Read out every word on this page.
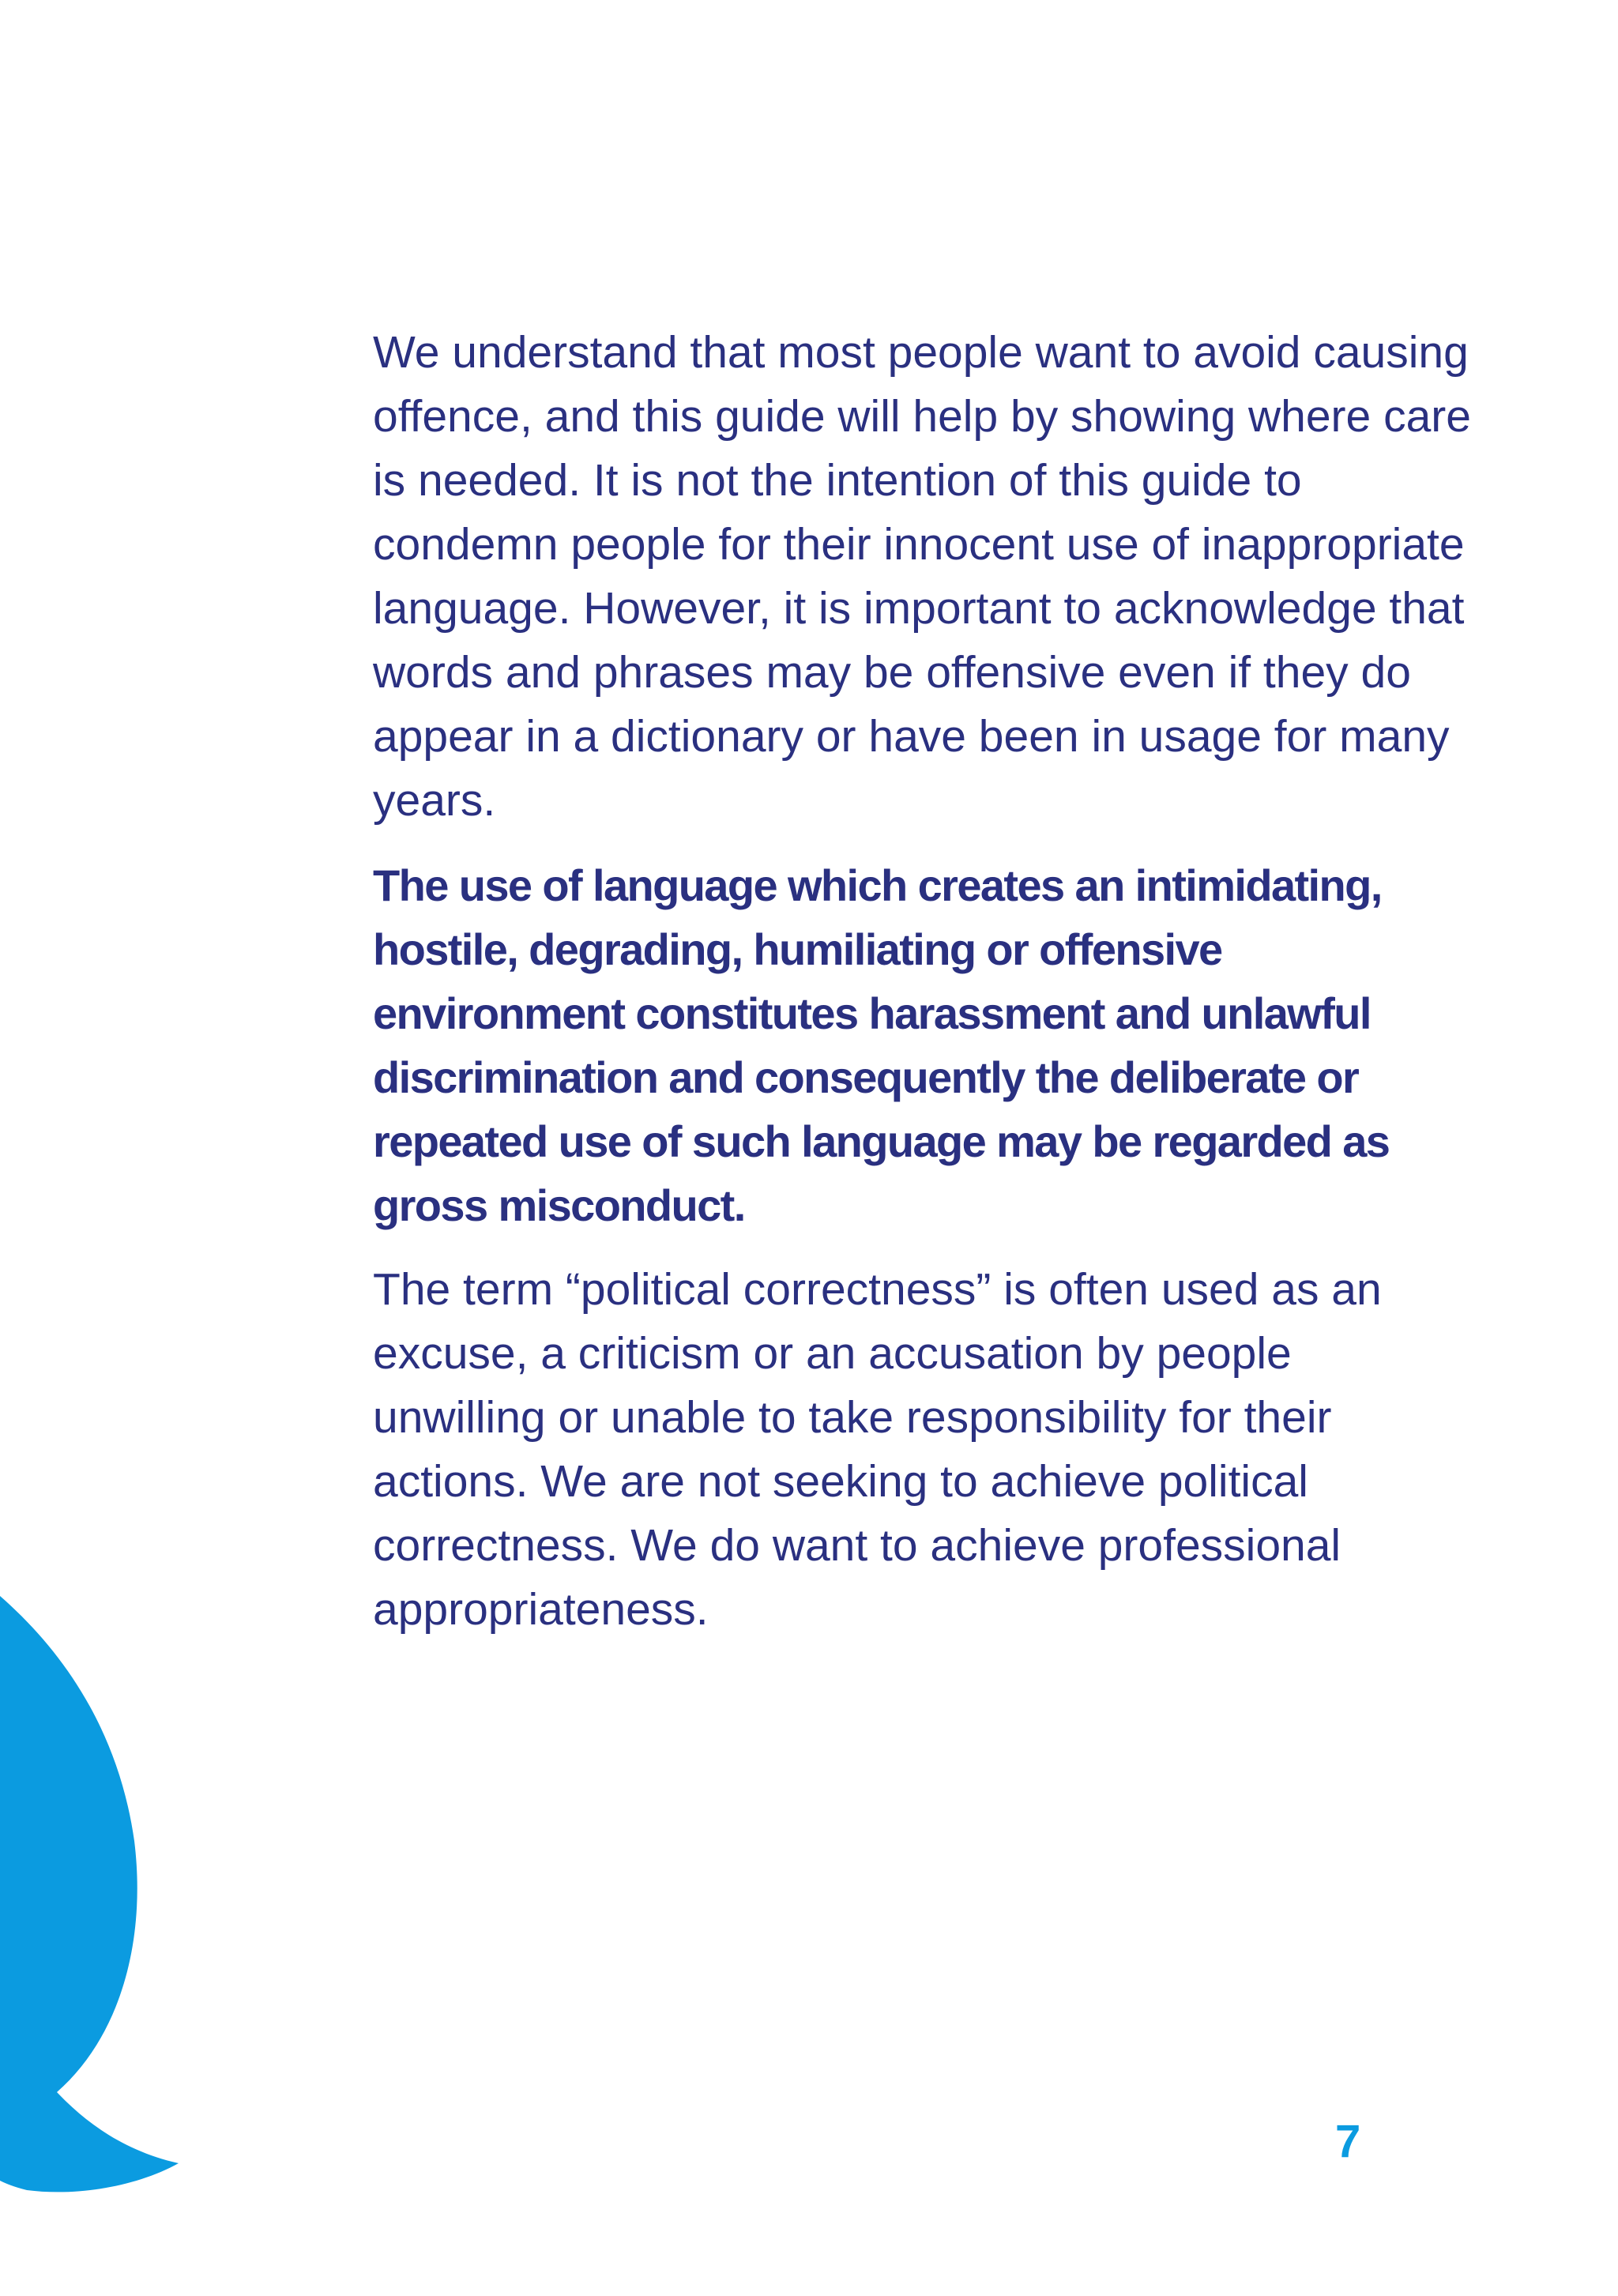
We understand that most people want to avoid causing offence, and this guide will help by showing where care is needed. It is not the intention of this guide to condemn people for their innocent use of inappropriate language. However, it is important to acknowledge that words and phrases may be offensive even if they do appear in a dictionary or have been in usage for many years.

The use of language which creates an intimidating, hostile, degrading, humiliating or offensive environment constitutes harassment and unlawful discrimination and consequently the deliberate or repeated use of such language may be regarded as gross misconduct.

The term “political correctness” is often used as an excuse, a criticism or an accusation by people unwilling or unable to take responsibility for their actions. We are not seeking to achieve political correctness. We do want to achieve professional appropriateness.

7
